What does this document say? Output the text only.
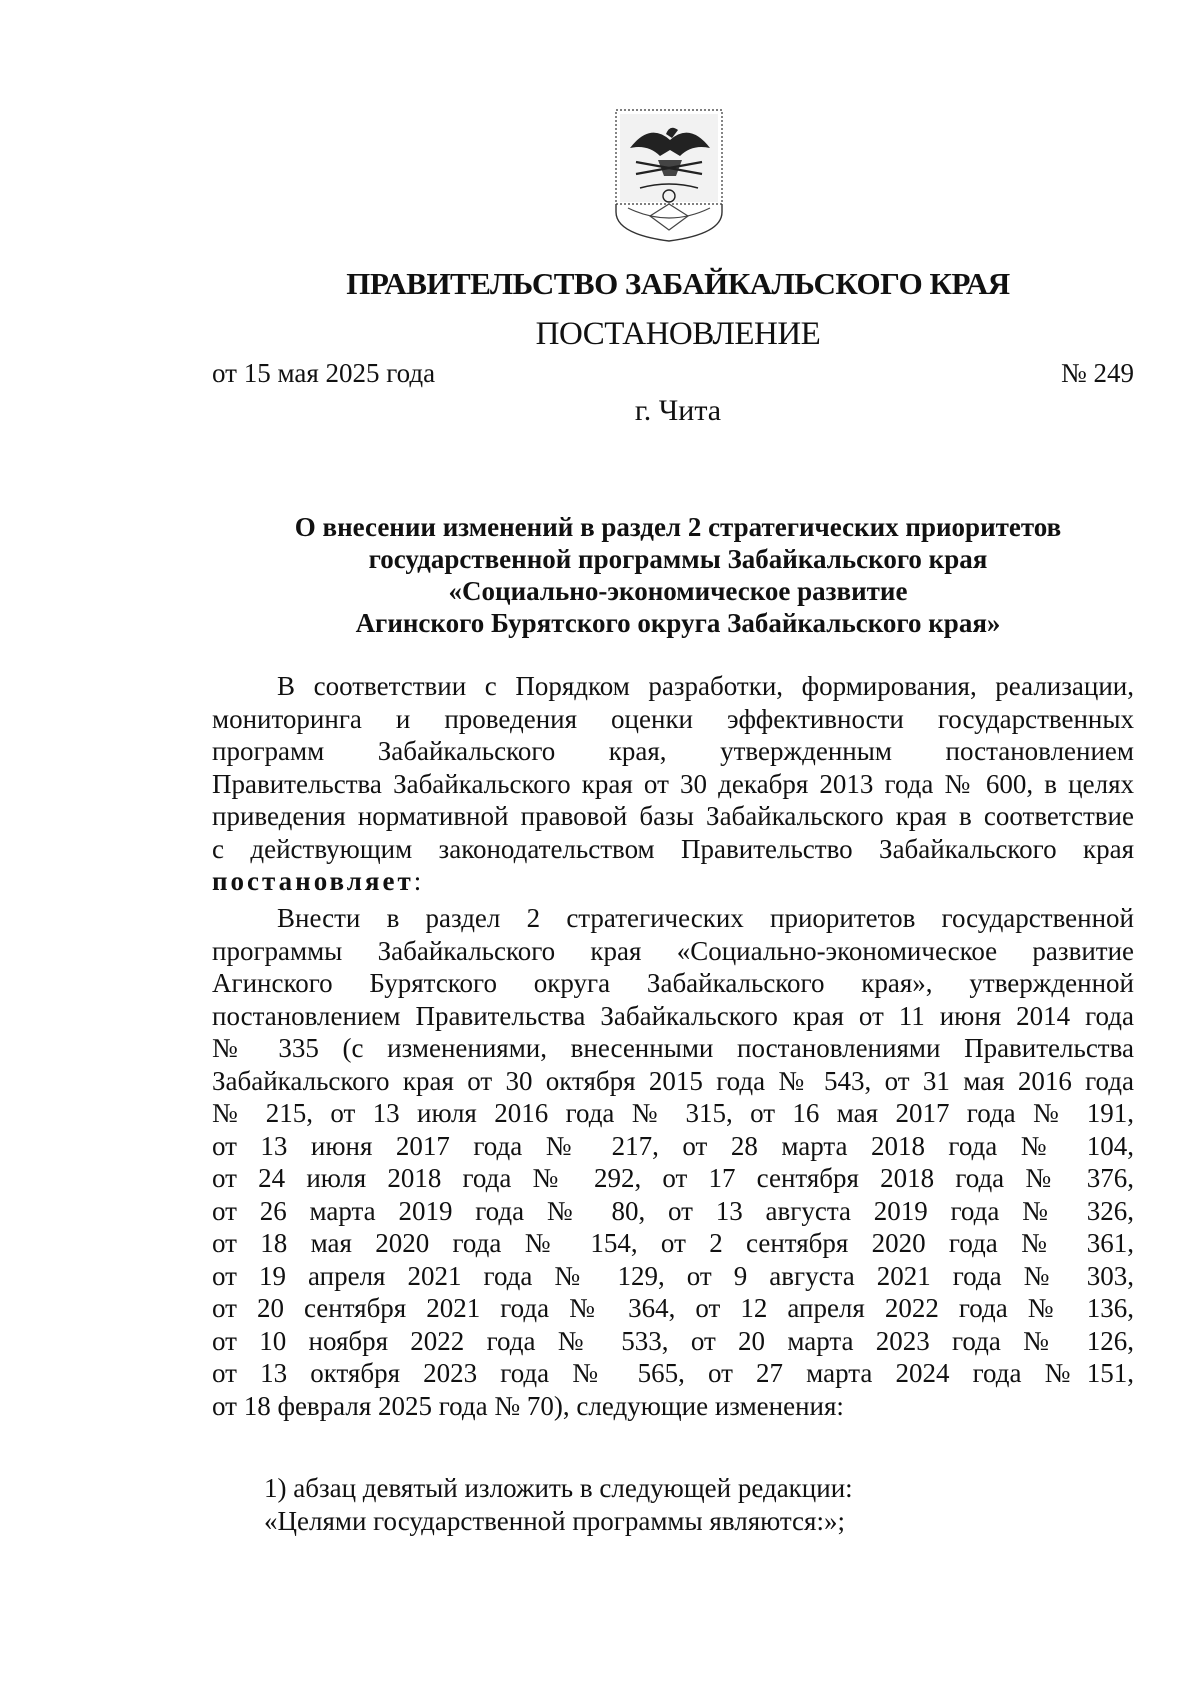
ПРАВИТЕЛЬСТВО ЗАБАЙКАЛЬСКОГО КРАЯ
ПОСТАНОВЛЕНИЕ
от 15 мая 2025 года	№ 249
г. Чита
О внесении изменений в раздел 2 стратегических приоритетов
государственной программы Забайкальского края
«Социально-экономическое развитие
Агинского Бурятского округа Забайкальского края»
В соответствии с Порядком разработки, формирования, реализации,
мониторинга и проведения оценки эффективности государственных
программ Забайкальского края, утвержденным постановлением
Правительства Забайкальского края от 30 декабря 2013 года № 600, в целях
приведения нормативной правовой базы Забайкальского края в соответствие
с действующим законодательством Правительство Забайкальского края
постановляет:
Внести в раздел 2 стратегических приоритетов государственной
программы Забайкальского края «Социально-экономическое развитие
Агинского Бурятского округа Забайкальского края», утвержденной
постановлением Правительства Забайкальского края от 11 июня 2014 года
№ 335 (с изменениями, внесенными постановлениями Правительства
Забайкальского края от 30 октября 2015 года № 543, от 31 мая 2016 года
№ 215, от 13 июля 2016 года № 315, от 16 мая 2017 года № 191,
от 13 июня 2017 года № 217, от 28 марта 2018 года № 104,
от 24 июля 2018 года № 292, от 17 сентября 2018 года № 376,
от 26 марта 2019 года № 80, от 13 августа 2019 года № 326,
от 18 мая 2020 года № 154, от 2 сентября 2020 года № 361,
от 19 апреля 2021 года № 129, от 9 августа 2021 года № 303,
от 20 сентября 2021 года № 364, от 12 апреля 2022 года № 136,
от 10 ноября 2022 года № 533, от 20 марта 2023 года № 126,
от 13 октября 2023 года № 565, от 27 марта 2024 года №151,
от 18 февраля 2025 года № 70), следующие изменения:
1) абзац девятый изложить в следующей редакции:
«Целями государственной программы являются:»;
